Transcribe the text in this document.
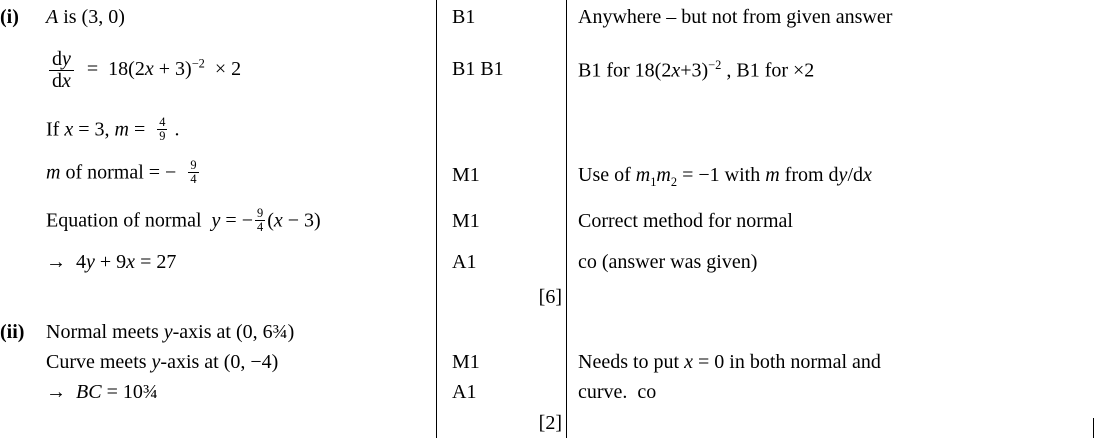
(i)	A is (3, 0)	B1	Anywhere – but not from given answer
$\frac{dy}{dx} = 18(2x + 3)^{-2} \times 2$	B1 B1	B1 for $18(2x+3)^{-2}$ , B1 for ×2
If x = 3, $m = \frac{4}{9}$ .
m of normal = − $\frac{9}{4}$	M1	Use of $m_1m_2 = -1$ with m from dy/dx
Equation of normal  y = − $\frac{9}{4} (x - 3)$	M1	Correct method for normal
→  4y + 9x = 27	A1	co (answer was given)
[6]
(ii)	Normal meets y-axis at (0, 6¾)
Curve meets y-axis at (0, −4)	M1	Needs to put x = 0 in both normal and
→ BC = 10¾	A1	curve.  co
[2]
